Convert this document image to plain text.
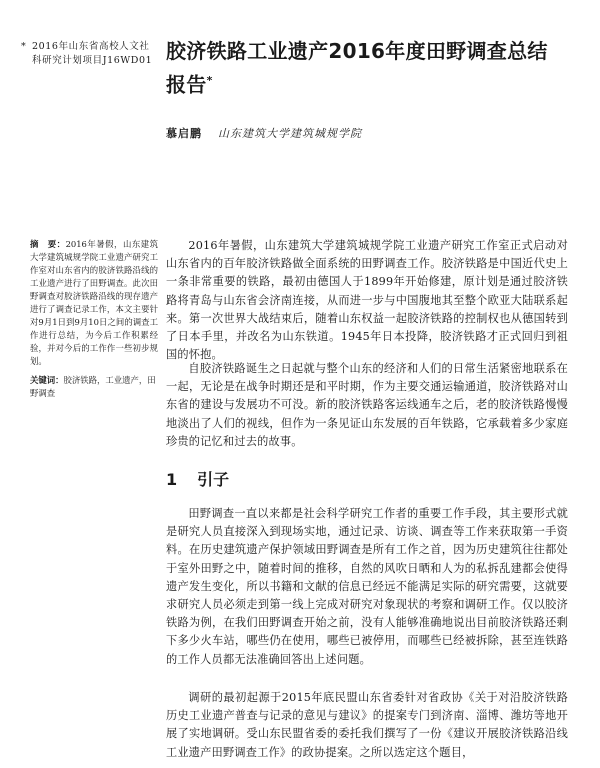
* 2016年山东省高校人文社科研究计划项目J16WD01 胶济铁路工业遗产2016年度田野调查总结报告*
慕启鹏 山东建筑大学建筑城规学院
摘　要：2016年暑假，山东建筑大学建筑城规学院工业遗产研究工作室对山东省内的胶济铁路沿线的工业遗产进行了田野调查。此次田野调查对胶济铁路沿线的现存遗产进行了调查记录工作，本文主要针对9月1日到9月10日之间的调查工作进行总结，为今后工作积累经验，并对今后的工作作一些初步规划。
关键词：胶济铁路，工业遗产，田野调查

2016年暑假，山东建筑大学建筑城规学院工业遗产研究工作室正式启动对山东省内的百年胶济铁路做全面系统的田野调查工作。胶济铁路是中国近代史上一条非常重要的铁路，最初由德国人于1899年开始修建，原计划是通过胶济铁路将青岛与山东省会济南连接，从而进一步与中国腹地其至整个欧亚大陆联系起来。第一次世界大战结束后，随着山东权益一起胶济铁路的控制权也从德国转到了日本手里，并改名为山东铁道。1945年日本投降，胶济铁路才正式回归到祖国的怀抱。

自胶济铁路诞生之日起就与整个山东的经济和人们的日常生活紧密地联系在一起，无论是在战争时期还是和平时期，作为主要交通运输通道，胶济铁路对山东省的建设与发展功不可没。新的胶济铁路客运线通车之后，老的胶济铁路慢慢地淡出了人们的视线，但作为一条见证山东发展的百年铁路，它承载着多少家庭珍贵的记忆和过去的故事。

1 引子

田野调查一直以来都是社会科学研究工作者的重要工作手段，其主要形式就是研究人员直接深入到现场实地，通过记录、访谈、调查等工作来获取第一手资料。在历史建筑遗产保护领域田野调查是所有工作之首，因为历史建筑往往都处于室外田野之中，随着时间的推移，自然的风吹日晒和人为的私拆乱建都会使得遗产发生变化，所以书籍和文献的信息已经远不能满足实际的研究需要，这就要求研究人员必须走到第一线上完成对研究对象现状的考察和调研工作。仅以胶济铁路为例，在我们田野调查开始之前，没有人能够准确地说出目前胶济铁路还剩下多少火车站，哪些仍在使用，哪些已被停用，而哪些已经被拆除，甚至连铁路的工作人员都无法准确回答出上述问题。

调研的最初起源于2015年底民盟山东省委针对省政协《关于对沿胶济铁路历史工业遗产普查与记录的意见与建议》的提案专门到济南、淄博、潍坊等地开展了实地调研。受山东民盟省委的委托我们撰写了一份《建议开展胶济铁路沿线工业遗产田野调查工作》的政协提案。之所以选定这个题目，
